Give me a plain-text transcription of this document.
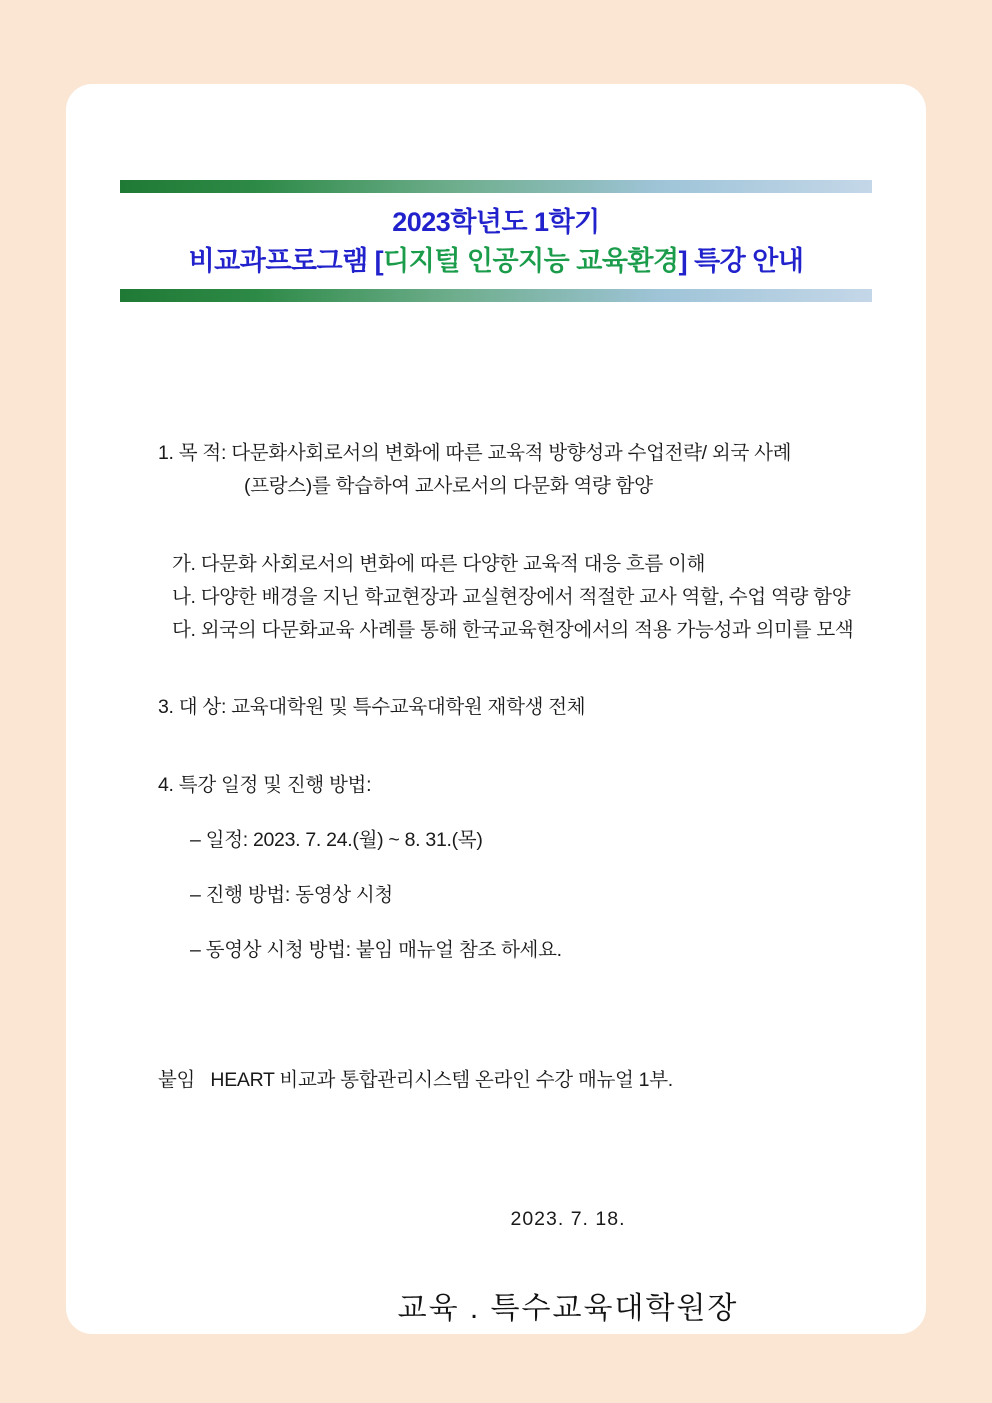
2023학년도 1학기
비교과프로그램 [디지털 인공지능 교육환경] 특강 안내

1. 목 적: 다문화사회로서의 변화에 따른 교육적 방향성과 수업전략/ 외국 사례

(프랑스)를 학습하여 교사로서의 다문화 역량 함양

가. 다문화 사회로서의 변화에 따른 다양한 교육적 대응 흐름 이해

나. 다양한 배경을 지닌 학교현장과 교실현장에서 적절한 교사 역할, 수업 역량 함양

다. 외국의 다문화교육 사례를 통해 한국교육현장에서의 적용 가능성과 의미를 모색

3. 대 상: 교육대학원 및 특수교육대학원 재학생 전체

4. 특강 일정 및 진행 방법:

– 일정: 2023. 7. 24.(월) ~ 8. 31.(목)

– 진행 방법: 동영상 시청

– 동영상 시청 방법: 붙임 매뉴얼 참조 하세요.

붙임   HEART 비교과 통합관리시스템 온라인 수강 매뉴얼 1부.

2023. 7. 18.
교육 . 특수교육대학원장
